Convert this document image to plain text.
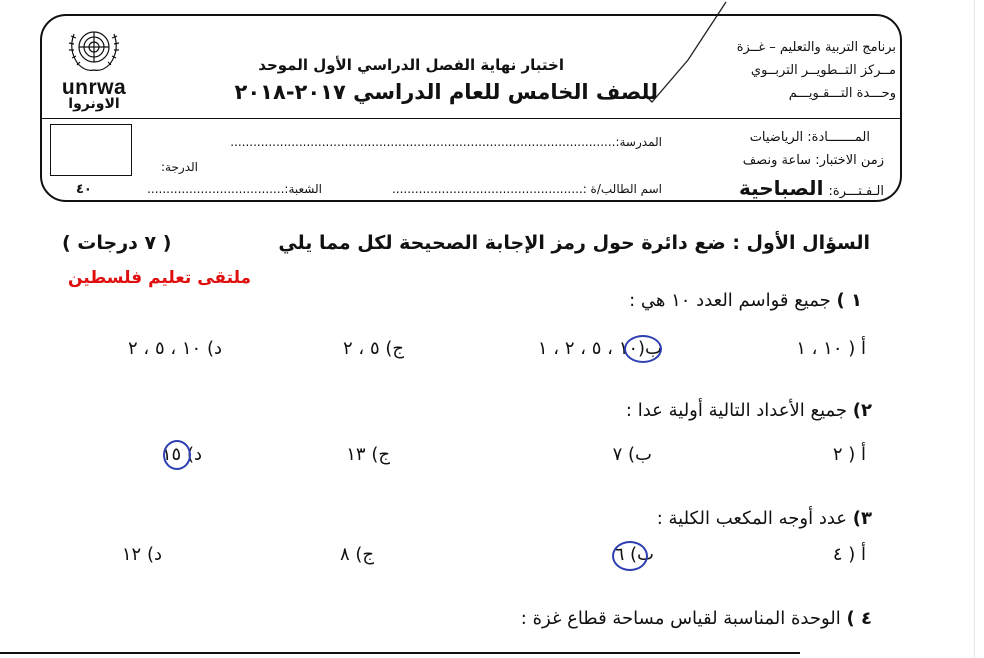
unrwa
الاونروا
برنامج التربية والتعليم – غــزة
مــركز التــطويــر التربــوي
وحـــدة التـــقـويـــم
اختبار نهاية الفصل الدراسي الأول الموحد
للصف الخامس للعام الدراسي ٢٠١٧-٢٠١٨
المـــــــادة: الرياضيات
زمن الاختبار: ساعة ونصف
الـفـتـــرة: الصباحية
المدرسة:.....................................................................................................
اسم الطالب/ة :..................................................
الشعبة:....................................
الدرجة:
٤٠
السؤال الأول : ضع دائرة حول رمز الإجابة الصحيحة لكل مما يلي
( ٧ درجات )
ملتقى تعليم فلسطين
١ ) جميع قواسم العدد ١٠ هي :
أ ( ١٠ ، ١
ب(١٠ ، ٥ ، ٢ ، ١
ج) ٥ ، ٢
د) ١٠ ، ٥ ، ٢
٢) جميع الأعداد التالية أولية عدا :
أ ( ٢
ب) ٧
ج) ١٣
د) ١٥
٣) عدد أوجه المكعب الكلية :
أ ( ٤
ب) ٦
ج) ٨
د) ١٢
٤ ) الوحدة المناسبة لقياس مساحة قطاع غزة :
